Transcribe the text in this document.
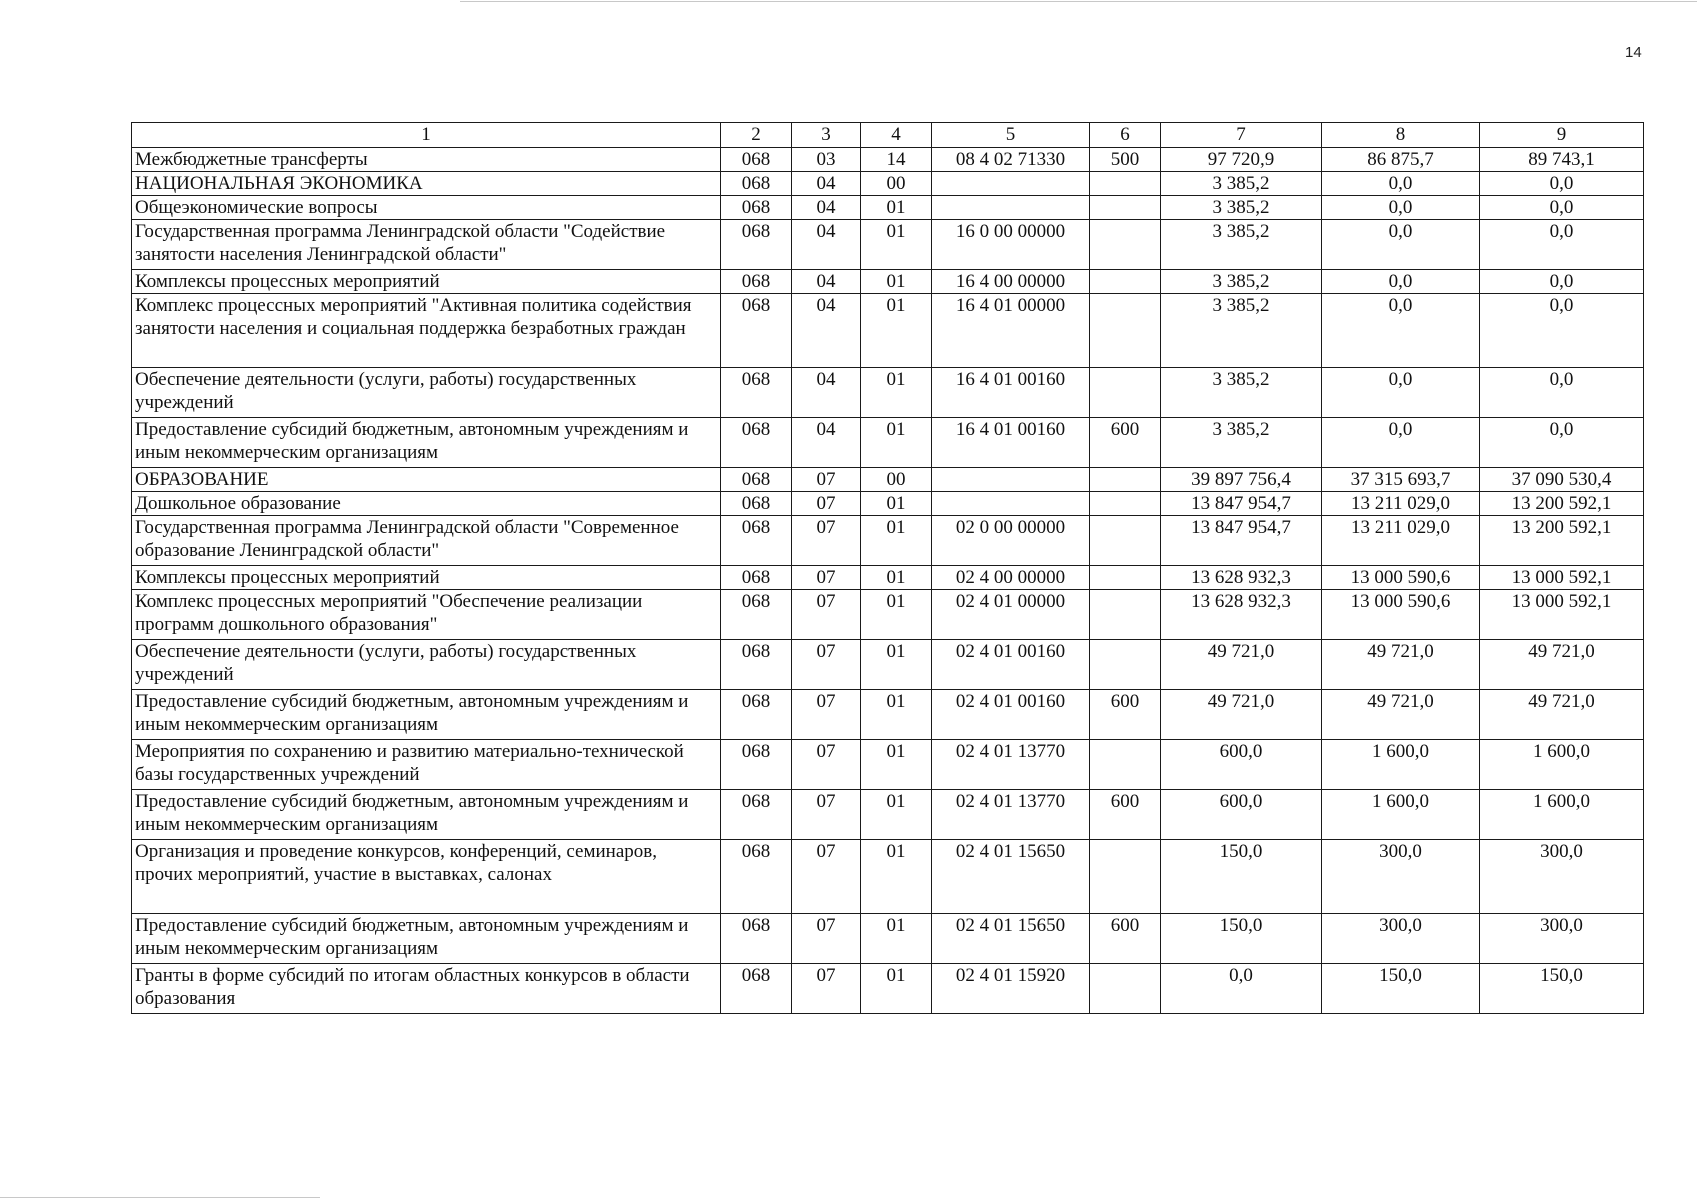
14
1	2	3	4	5	6	7	8	9
Межбюджетные трансферты	068	03	14	08 4 02 71330	500	97 720,9	86 875,7	89 743,1
НАЦИОНАЛЬНАЯ ЭКОНОМИКА	068	04	00			3 385,2	0,0	0,0
Общеэкономические вопросы	068	04	01			3 385,2	0,0	0,0
Государственная программа Ленинградской области "Содействие занятости населения Ленинградской области"	068	04	01	16 0 00 00000		3 385,2	0,0	0,0
Комплексы процессных мероприятий	068	04	01	16 4 00 00000		3 385,2	0,0	0,0
Комплекс процессных мероприятий "Активная политика содействия занятости населения и социальная поддержка безработных граждан	068	04	01	16 4 01 00000		3 385,2	0,0	0,0
Обеспечение деятельности (услуги, работы) государственных учреждений	068	04	01	16 4 01 00160		3 385,2	0,0	0,0
Предоставление субсидий бюджетным, автономным учреждениям и иным некоммерческим организациям	068	04	01	16 4 01 00160	600	3 385,2	0,0	0,0
ОБРАЗОВАНИЕ	068	07	00			39 897 756,4	37 315 693,7	37 090 530,4
Дошкольное образование	068	07	01			13 847 954,7	13 211 029,0	13 200 592,1
Государственная программа Ленинградской области "Современное образование Ленинградской области"	068	07	01	02 0 00 00000		13 847 954,7	13 211 029,0	13 200 592,1
Комплексы процессных мероприятий	068	07	01	02 4 00 00000		13 628 932,3	13 000 590,6	13 000 592,1
Комплекс процессных мероприятий "Обеспечение реализации программ дошкольного образования"	068	07	01	02 4 01 00000		13 628 932,3	13 000 590,6	13 000 592,1
Обеспечение деятельности (услуги, работы) государственных учреждений	068	07	01	02 4 01 00160		49 721,0	49 721,0	49 721,0
Предоставление субсидий бюджетным, автономным учреждениям и иным некоммерческим организациям	068	07	01	02 4 01 00160	600	49 721,0	49 721,0	49 721,0
Мероприятия по сохранению и развитию материально-технической базы государственных учреждений	068	07	01	02 4 01 13770		600,0	1 600,0	1 600,0
Предоставление субсидий бюджетным, автономным учреждениям и иным некоммерческим организациям	068	07	01	02 4 01 13770	600	600,0	1 600,0	1 600,0
Организация и проведение конкурсов, конференций, семинаров, прочих мероприятий, участие в выставках, салонах	068	07	01	02 4 01 15650		150,0	300,0	300,0
Предоставление субсидий бюджетным, автономным учреждениям и иным некоммерческим организациям	068	07	01	02 4 01 15650	600	150,0	300,0	300,0
Гранты в форме субсидий по итогам областных конкурсов в области образования	068	07	01	02 4 01 15920		0,0	150,0	150,0
